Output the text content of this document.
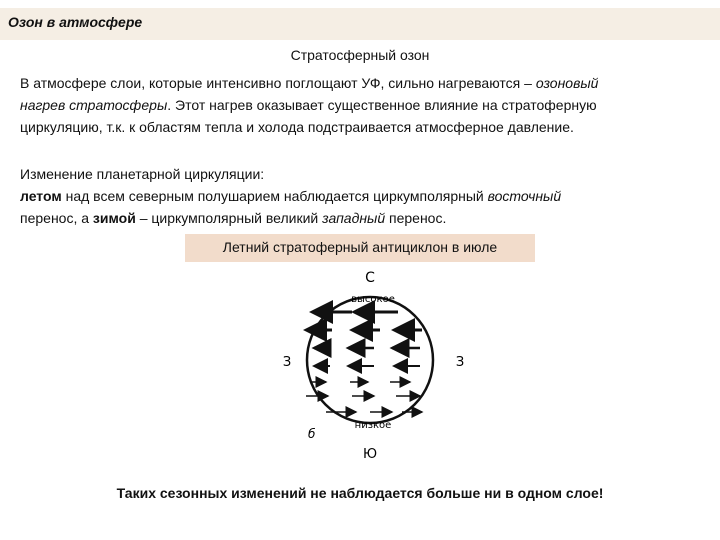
Озон в атмосфере
Стратосферный озон
В атмосфере слои, которые интенсивно поглощают УФ, сильно нагреваются – озоновый
нагрев стратосферы. Этот нагрев оказывает существенное влияние на стратоферную
циркуляцию, т.к. к областям тепла и холода подстраивается атмосферное давление.
Изменение планетарной циркуляции:
летом над всем северным полушарием наблюдается циркумполярный восточный
перенос, а зимой – циркумполярный великий западный перенос.
Летний стратоферный антициклон в июле
С
Ю
З	З
высокое
низкое
б
Таких сезонных изменений не наблюдается больше ни в одном слое!
